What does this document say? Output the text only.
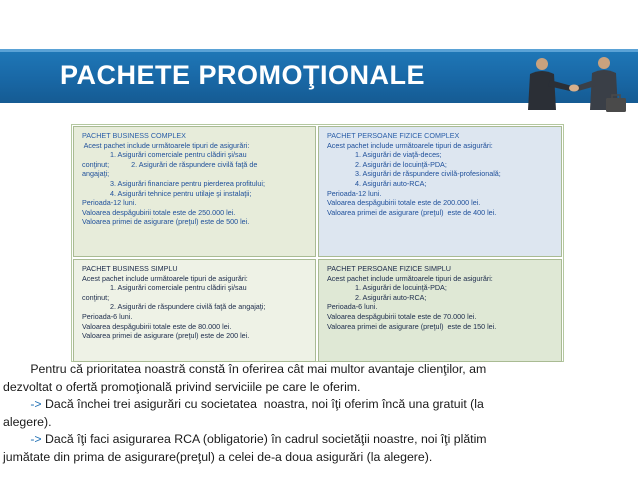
PACHETE PROMOŢIONALE
PACHET BUSINESS COMPLEX
Acest pachet include următoarele tipuri de asigurări:
1. Asigurări comerciale pentru clădiri şi/sau
conţinut;           2. Asigurări de răspundere civilă faţă de
angajaţi;
3. Asigurări financiare pentru pierderea profitului;
4. Asigurări tehnice pentru utilaje şi instalaţii;
Perioada-12 luni.
Valoarea despăgubirii totale este de 250.000 lei.
Valoarea primei de asigurare (preţul) este de 500 lei.
PACHET PERSOANE FIZICE COMPLEX
Acest pachet include următoarele tipuri de asigurări:
1. Asigurări de viaţă-deces;
2. Asigurări de locuinţă-PDA;
3. Asigurări de răspundere civilă-profesională;
4. Asigurări auto-RCA;
Perioada-12 luni.
Valoarea despăgubirii totale este de 200.000 lei.
Valoarea primei de asigurare (preţul)  este de 400 lei.
PACHET BUSINESS SIMPLU
Acest pachet include următoarele tipuri de asigurări:
1. Asigurări comerciale pentru clădiri şi/sau
conţinut;
2. Asigurări de răspundere civilă faţă de angajaţi;
Perioada-6 luni.
Valoarea despăgubirii totale este de 80.000 lei.
Valoarea primei de asigurare (preţul) este de 200 lei.
PACHET PERSOANE FIZICE SIMPLU
Acest pachet include următoarele tipuri de asigurări:
1. Asigurări de locuinţă-PDA;
2. Asigurări auto-RCA;
Perioada-6 luni.
Valoarea despăgubirii totale este de 70.000 lei.
Valoarea primei de asigurare (preţul)  este de 150 lei.
Pentru că prioritatea noastră constă în oferirea cât mai multor avantaje clienţilor, am
dezvoltat o ofertă promoţională privind serviciile pe care le oferim.
-> Dacă închei trei asigurări cu societatea  noastra, noi îţi oferim încă una gratuit (la
alegere).
-> Dacă îţi faci asigurarea RCA (obligatorie) în cadrul societăţii noastre, noi îţi plătim
jumătate din prima de asigurare(preţul) a celei de-a doua asigurări (la alegere).
